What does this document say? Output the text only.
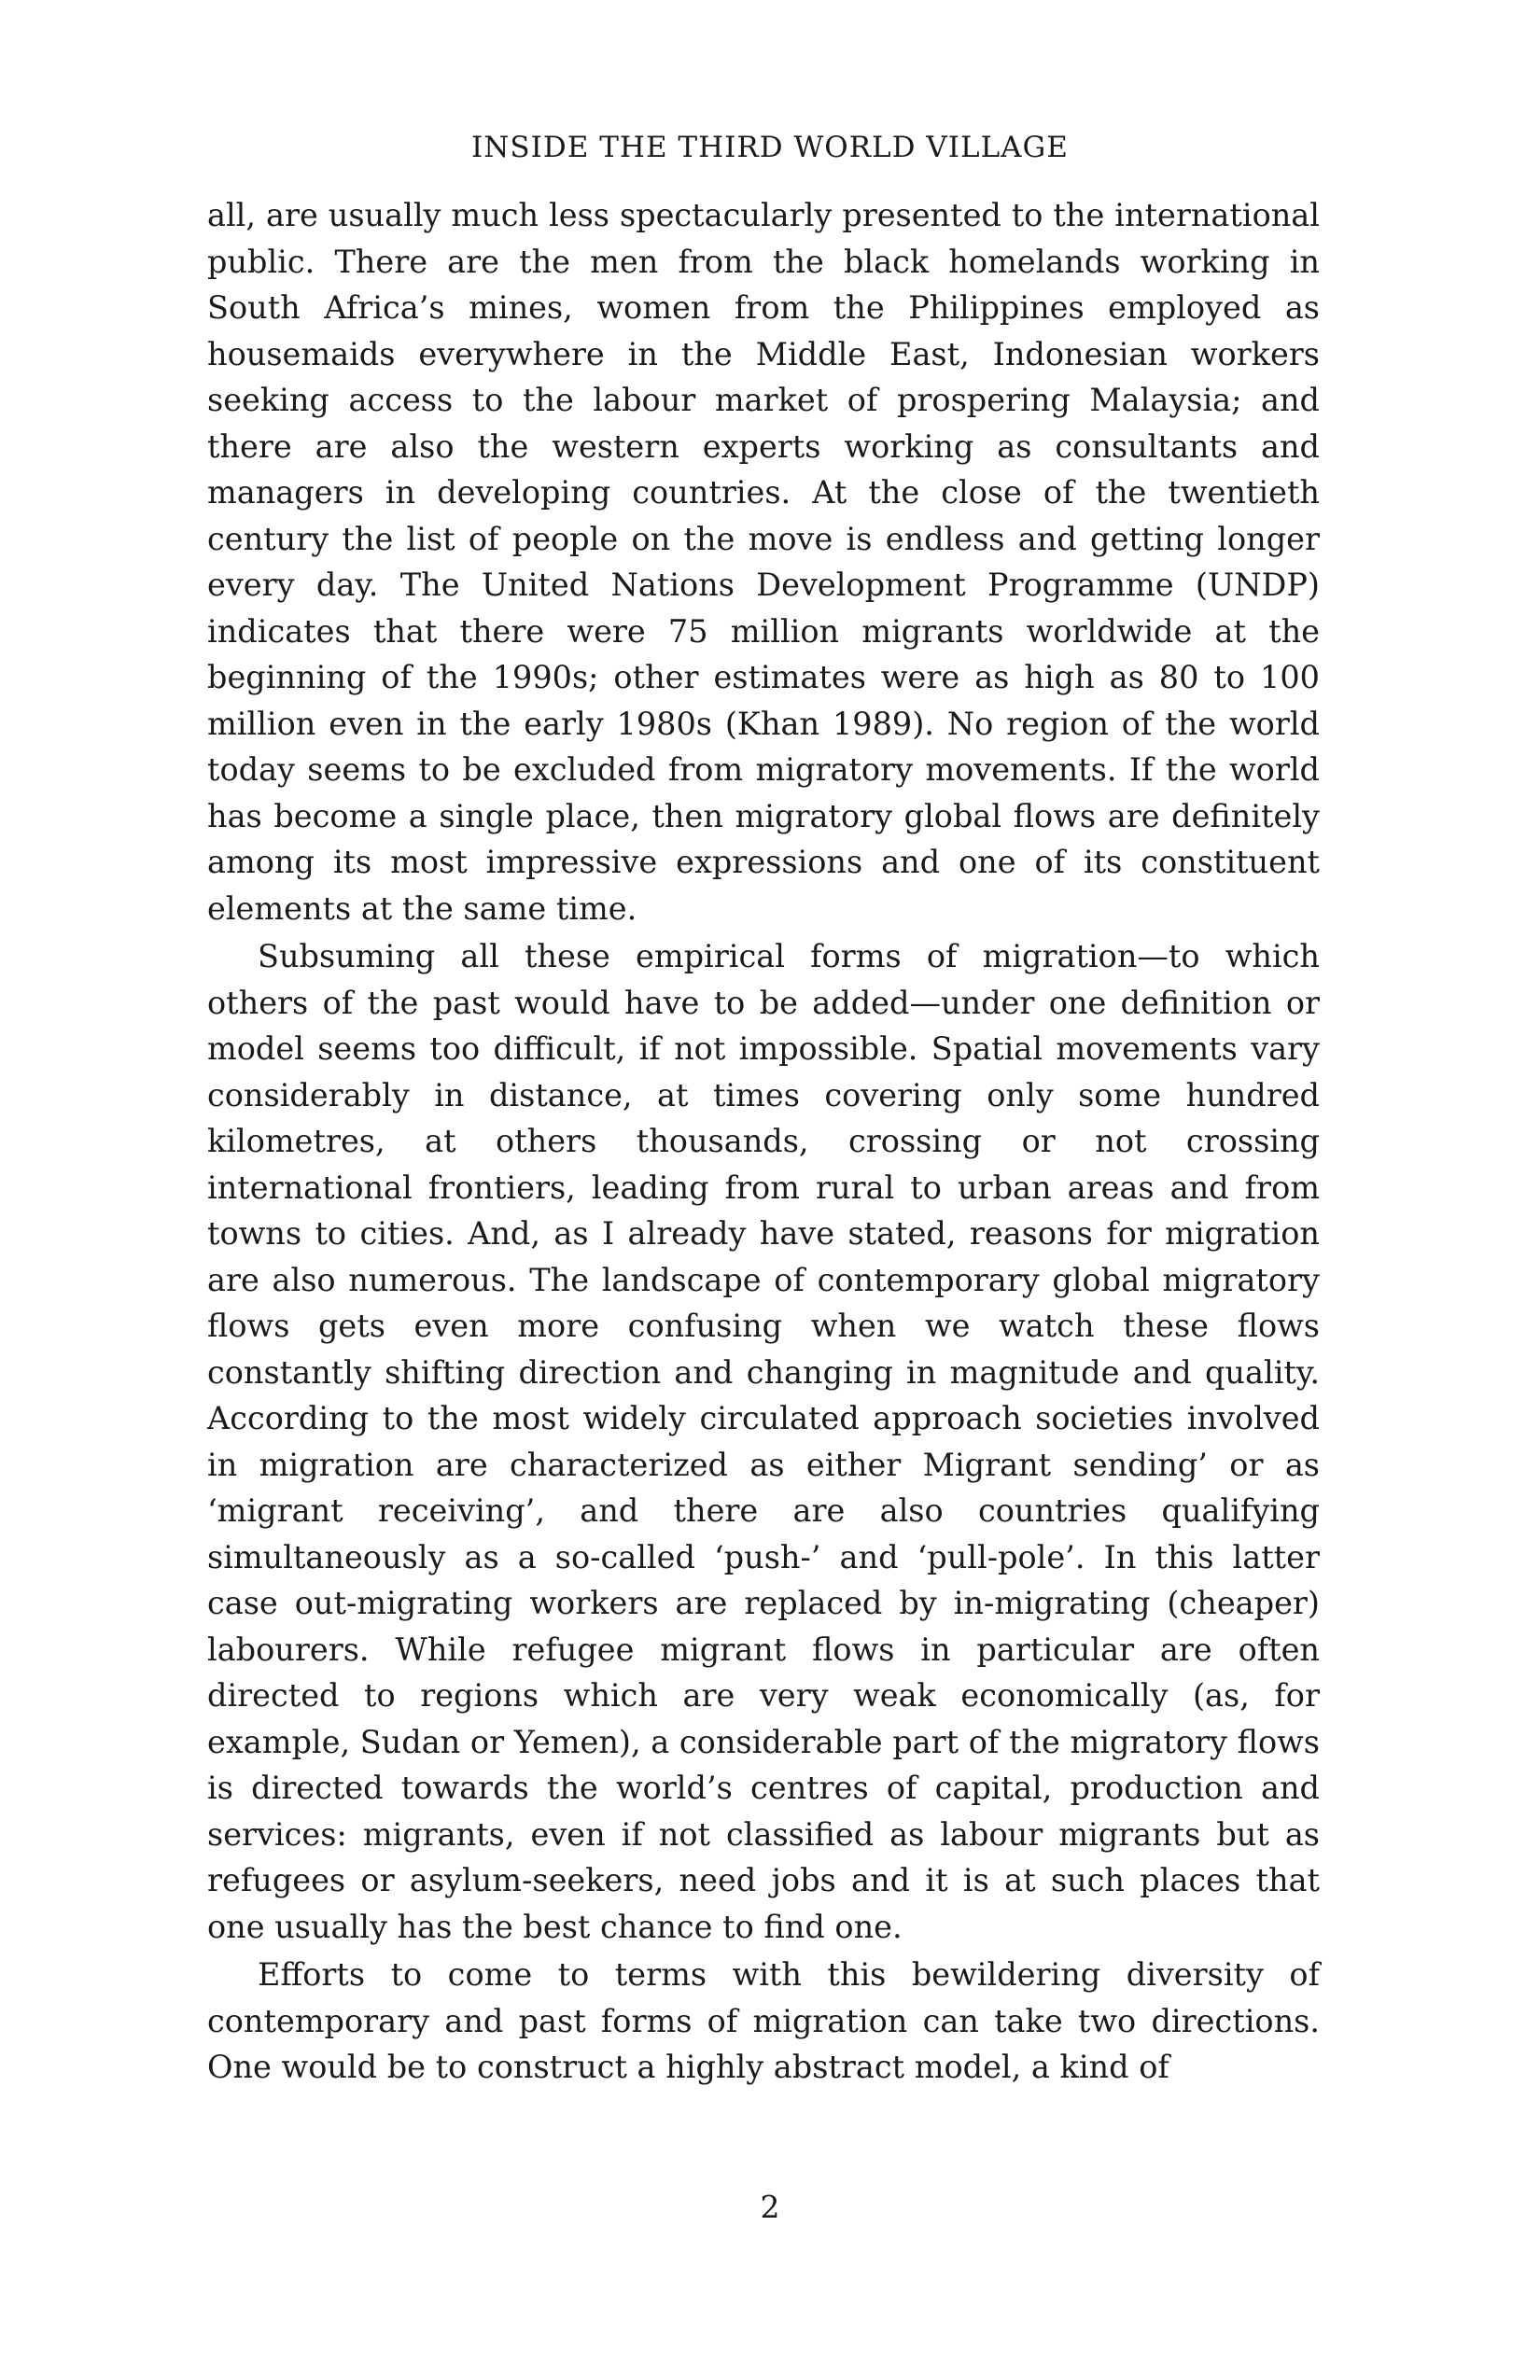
INSIDE THE THIRD WORLD VILLAGE

all, are usually much less spectacularly presented to the international public. There are the men from the black homelands working in South Africa’s mines, women from the Philippines employed as housemaids everywhere in the Middle East, Indonesian workers seeking access to the labour market of prospering Malaysia; and there are also the western experts working as consultants and managers in developing countries. At the close of the twentieth century the list of people on the move is endless and getting longer every day. The United Nations Development Programme (UNDP) indicates that there were 75 million migrants worldwide at the beginning of the 1990s; other estimates were as high as 80 to 100 million even in the early 1980s (Khan 1989). No region of the world today seems to be excluded from migratory movements. If the world has become a single place, then migratory global flows are definitely among its most impressive expressions and one of its constituent elements at the same time.

Subsuming all these empirical forms of migration—to which others of the past would have to be added—under one definition or model seems too difficult, if not impossible. Spatial movements vary considerably in distance, at times covering only some hundred kilometres, at others thousands, crossing or not crossing international frontiers, leading from rural to urban areas and from towns to cities. And, as I already have stated, reasons for migration are also numerous. The landscape of contemporary global migratory flows gets even more confusing when we watch these flows constantly shifting direction and changing in magnitude and quality. According to the most widely circulated approach societies involved in migration are characterized as either Migrant sending’ or as ‘migrant receiving’, and there are also countries qualifying simultaneously as a so-called ‘push-’ and ‘pull-pole’. In this latter case out-migrating workers are replaced by in-migrating (cheaper) labourers. While refugee migrant flows in particular are often directed to regions which are very weak economically (as, for example, Sudan or Yemen), a considerable part of the migratory flows is directed towards the world’s centres of capital, production and services: migrants, even if not classified as labour migrants but as refugees or asylum-seekers, need jobs and it is at such places that one usually has the best chance to find one.

Efforts to come to terms with this bewildering diversity of contemporary and past forms of migration can take two directions. One would be to construct a highly abstract model, a kind of

2
